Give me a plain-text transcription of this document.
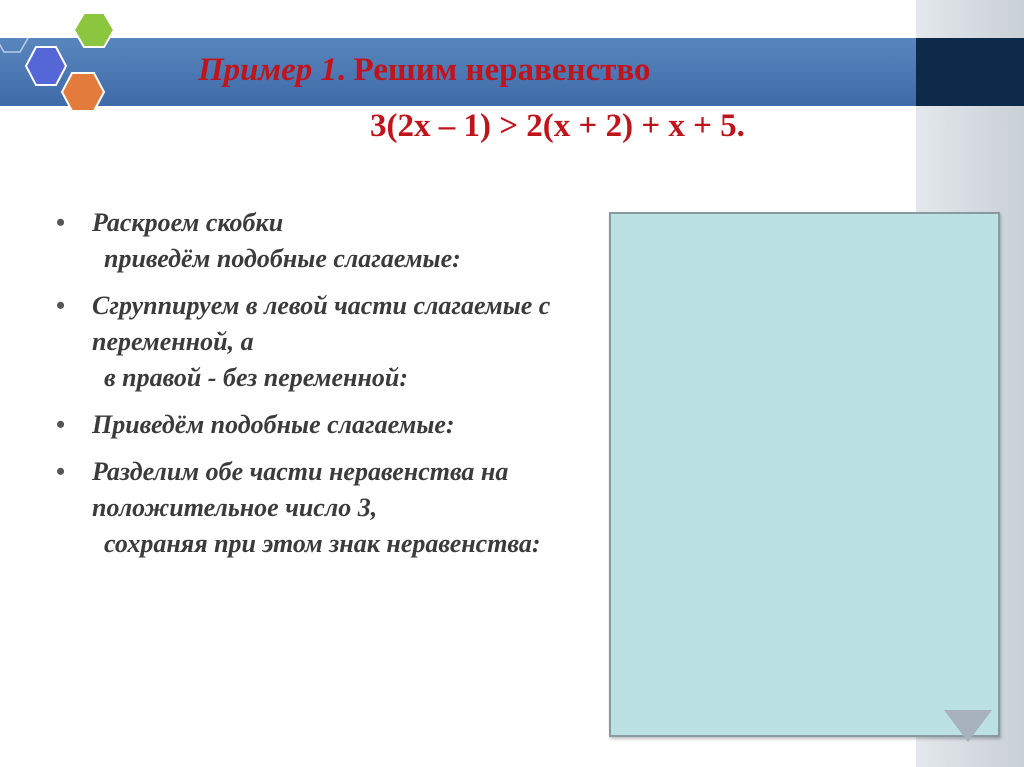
Пример 1. Решим неравенство
3(2x – 1) > 2(x + 2) + x + 5.
• Раскроем скобки
приведём подобные слагаемые:
• Сгруппируем в левой части слагаемые с переменной, а
в правой - без переменной:
• Приведём подобные слагаемые:
• Разделим обе части неравенства на положительное число 3,
сохраняя при этом знак неравенства:
